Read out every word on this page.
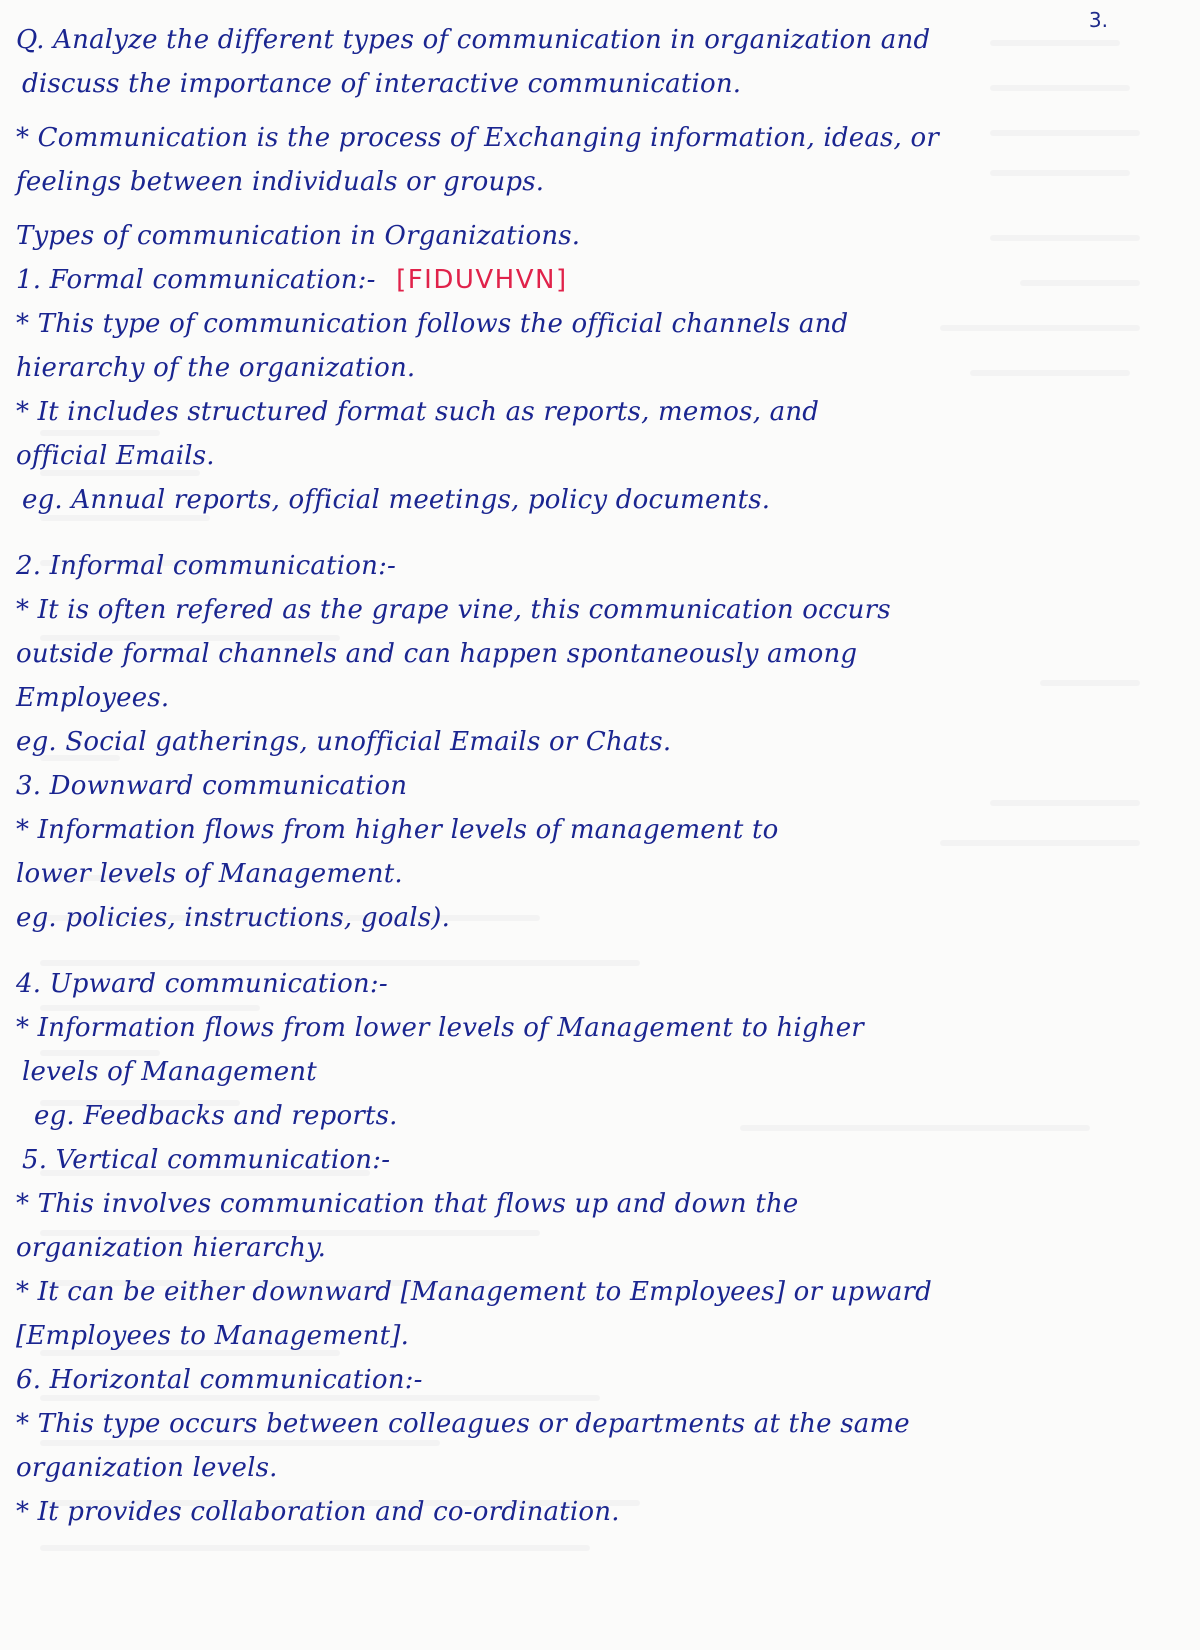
3.
Q. Analyze the different types of communication in organization and
discuss the importance of interactive communication.
* Communication is the process of Exchanging information, ideas, or
feelings between individuals or groups.
Types of communication in Organizations.
1. Formal communication:- [FIDUVHVN]
* This type of communication follows the official channels and
hierarchy of the organization.
* It includes structured format such as reports, memos, and
official Emails.
eg. Annual reports, official meetings, policy documents.
2. Informal communication:-
* It is often refered as the grape vine, this communication occurs
outside formal channels and can happen spontaneously among
Employees.
eg. Social gatherings, unofficial Emails or Chats.
3. Downward communication
* Information flows from higher levels of management to
lower levels of Management.
eg. policies, instructions, goals).
4. Upward communication:-
* Information flows from lower levels of Management to higher
levels of Management
eg. Feedbacks and reports.
5. Vertical communication:-
* This involves communication that flows up and down the
organization hierarchy.
* It can be either downward [Management to Employees] or upward
[Employees to Management].
6. Horizontal communication:-
* This type occurs between colleagues or departments at the same
organization levels.
* It provides collaboration and co-ordination.
